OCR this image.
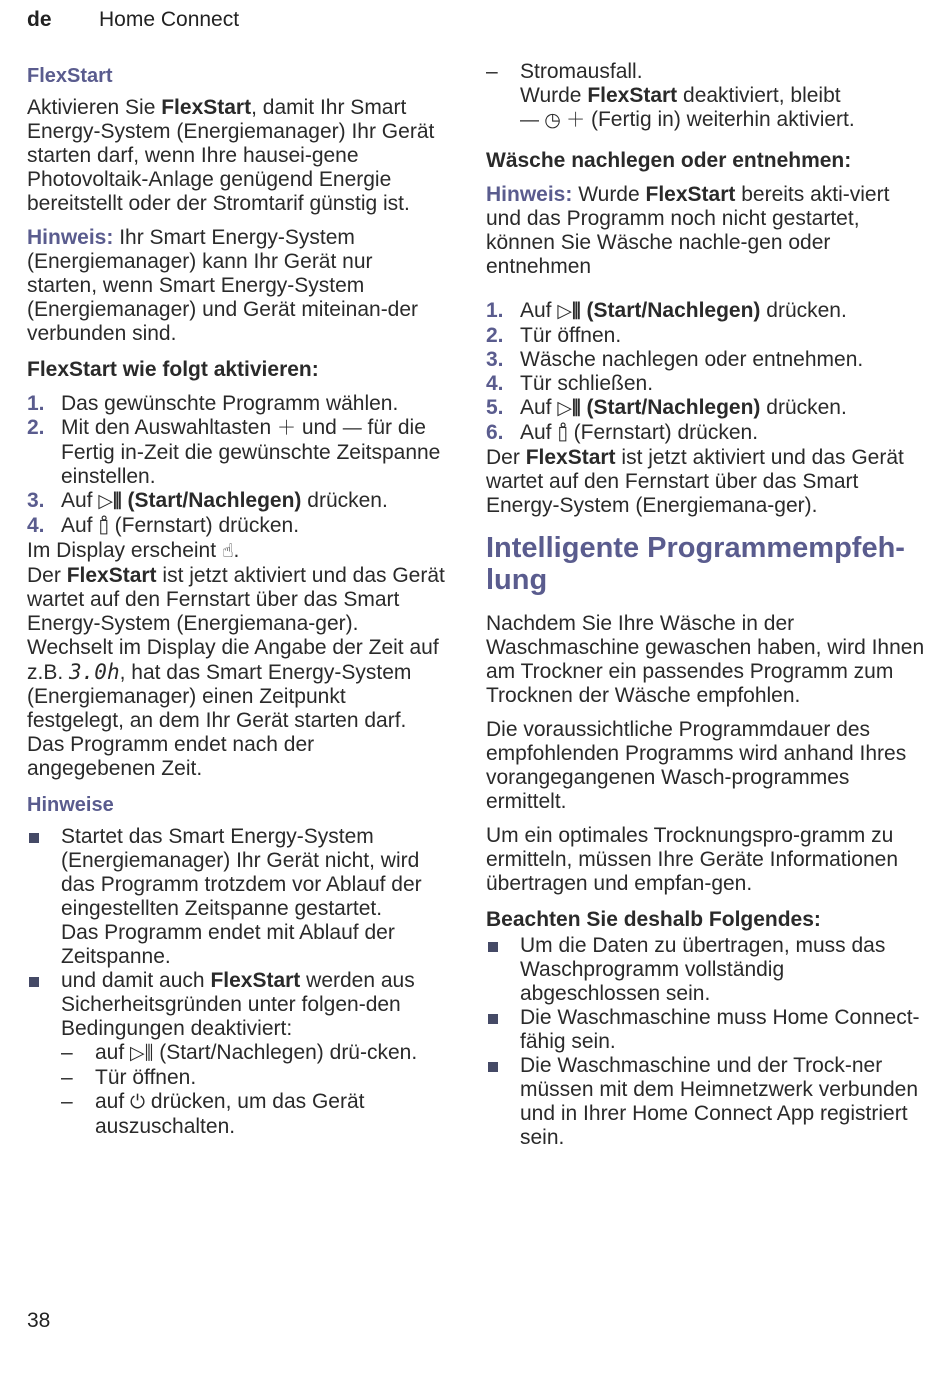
de Home Connect
FlexStart

Aktivieren Sie FlexStart, damit Ihr Smart Energy-System (Energiemanager) Ihr Gerät starten darf, wenn Ihre hausei-gene Photovoltaik-Anlage genügend Energie bereitstellt oder der Stromtarif günstig ist.

Hinweis: Ihr Smart Energy-System (Energiemanager) kann Ihr Gerät nur starten, wenn Smart Energy-System (Energiemanager) und Gerät miteinan-der verbunden sind.

FlexStart wie folgt aktivieren:
1. Das gewünschte Programm wählen.
2. Mit den Auswahltasten ＋ und — für die Fertig in-Zeit die gewünschte Zeitspanne einstellen.
3. Auf ▷⫼ (Start/Nachlegen) drücken.
4. Auf ▯̊ (Fernstart) drücken.
Im Display erscheint ☝.
Der FlexStart ist jetzt aktiviert und das Gerät wartet auf den Fernstart über das Smart Energy-System (Energiemana-ger).

Wechselt im Display die Angabe der Zeit auf z.B. 3.0h, hat das Smart Energy-System (Energiemanager) einen Zeitpunkt festgelegt, an dem Ihr Gerät starten darf. Das Programm endet nach der angegebenen Zeit.

Hinweise
Startet das Smart Energy-System (Energiemanager) Ihr Gerät nicht, wird das Programm trotzdem vor Ablauf der eingestellten Zeitspanne gestartet.
Das Programm endet mit Ablauf der Zeitspanne.
und damit auch FlexStart werden aus Sicherheitsgründen unter folgen-den Bedingungen deaktiviert:
– auf ▷⫼ (Start/Nachlegen) drü-cken.
– Tür öffnen.
– auf ⏻ drücken, um das Gerät auszuschalten.
– Stromausfall.
Wurde FlexStart deaktiviert, bleibt
— ◷ ＋ (Fertig in) weiterhin aktiviert.
Wäsche nachlegen oder entnehmen:

Hinweis: Wurde FlexStart bereits akti-viert und das Programm noch nicht gestartet, können Sie Wäsche nachle-gen oder entnehmen

1. Auf ▷⫼ (Start/Nachlegen) drücken.
2. Tür öffnen.
3. Wäsche nachlegen oder entnehmen.
4. Tür schließen.
5. Auf ▷⫼ (Start/Nachlegen) drücken.
6. Auf ▯̊ (Fernstart) drücken.

Der FlexStart ist jetzt aktiviert und das Gerät wartet auf den Fernstart über das Smart Energy-System (Energiemana-ger).

Intelligente Programmempfeh-lung

Nachdem Sie Ihre Wäsche in der Waschmaschine gewaschen haben, wird Ihnen am Trockner ein passendes Programm zum Trocknen der Wäsche empfohlen.

Die voraussichtliche Programmdauer des empfohlenden Programms wird anhand Ihres vorangegangenen Wasch-programmes ermittelt.

Um ein optimales Trocknungspro-gramm zu ermitteln, müssen Ihre Geräte Informationen übertragen und empfan-gen.

Beachten Sie deshalb Folgendes:
Um die Daten zu übertragen, muss das Waschprogramm vollständig abgeschlossen sein.
Die Waschmaschine muss Home Connect-fähig sein.
Die Waschmaschine und der Trock-ner müssen mit dem Heimnetzwerk verbunden und in Ihrer Home Connect App registriert sein.
38
